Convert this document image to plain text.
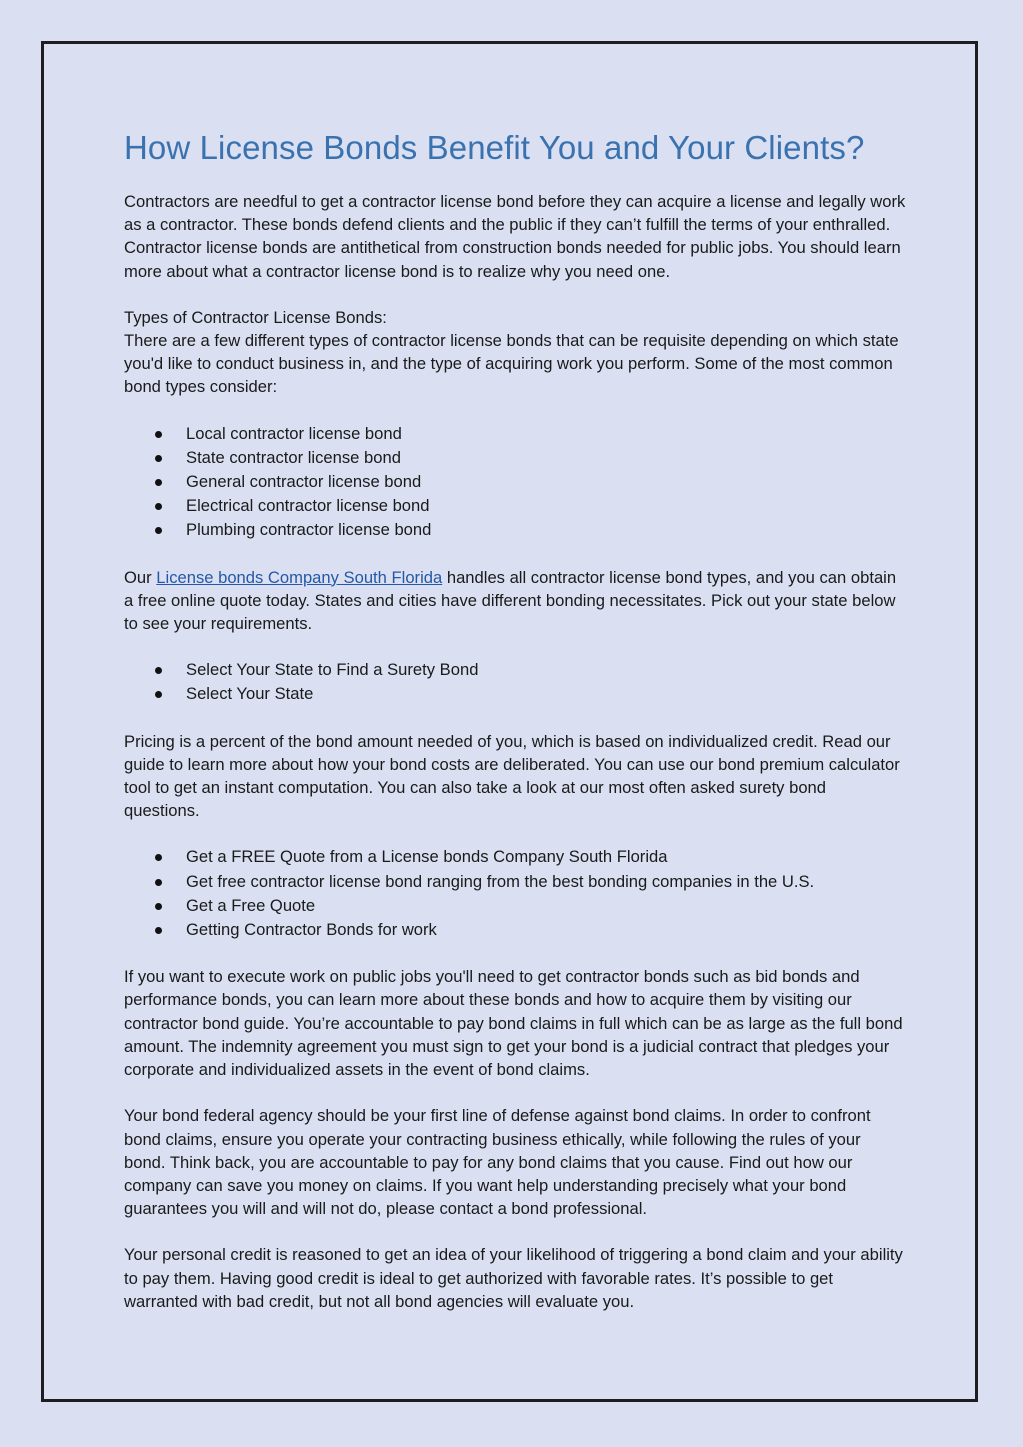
How License Bonds Benefit You and Your Clients?

Contractors are needful to get a contractor license bond before they can acquire a license and legally work as a contractor. These bonds defend clients and the public if they can’t fulfill the terms of your enthralled. Contractor license bonds are antithetical from construction bonds needed for public jobs. You should learn more about what a contractor license bond is to realize why you need one.

Types of Contractor License Bonds:

There are a few different types of contractor license bonds that can be requisite depending on which state you'd like to conduct business in, and the type of acquiring work you perform. Some of the most common bond types consider:

Local contractor license bond
State contractor license bond
General contractor license bond
Electrical contractor license bond
Plumbing contractor license bond

Our License bonds Company South Florida handles all contractor license bond types, and you can obtain a free online quote today. States and cities have different bonding necessitates. Pick out your state below to see your requirements.

Select Your State to Find a Surety Bond
Select Your State

Pricing is a percent of the bond amount needed of you, which is based on individualized credit. Read our guide to learn more about how your bond costs are deliberated. You can use our bond premium calculator tool to get an instant computation. You can also take a look at our most often asked surety bond questions.

Get a FREE Quote from a License bonds Company South Florida
Get free contractor license bond ranging from the best bonding companies in the U.S.
Get a Free Quote
Getting Contractor Bonds for work

If you want to execute work on public jobs you'll need to get contractor bonds such as bid bonds and performance bonds, you can learn more about these bonds and how to acquire them by visiting our contractor bond guide. You’re accountable to pay bond claims in full which can be as large as the full bond amount. The indemnity agreement you must sign to get your bond is a judicial contract that pledges your corporate and individualized assets in the event of bond claims.

Your bond federal agency should be your first line of defense against bond claims. In order to confront bond claims, ensure you operate your contracting business ethically, while following the rules of your bond. Think back, you are accountable to pay for any bond claims that you cause. Find out how our company can save you money on claims. If you want help understanding precisely what your bond guarantees you will and will not do, please contact a bond professional.

Your personal credit is reasoned to get an idea of your likelihood of triggering a bond claim and your ability to pay them. Having good credit is ideal to get authorized with favorable rates. It’s possible to get warranted with bad credit, but not all bond agencies will evaluate you.
